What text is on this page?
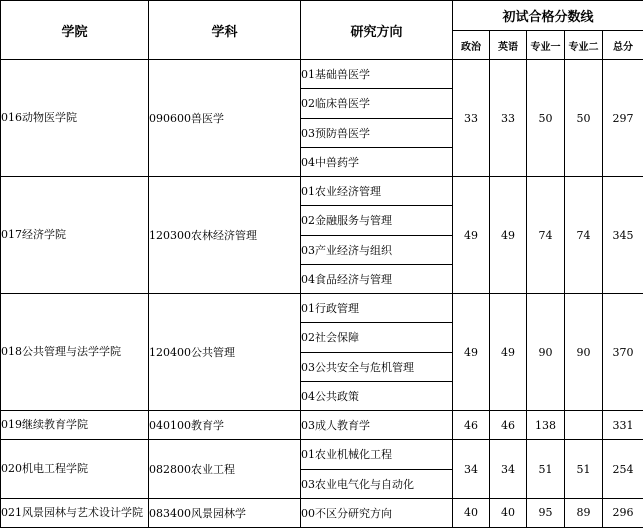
学院	学科	研究方向	初试合格分数线				
			政治	英语	专业一	专业二	总分
016动物医学院	090600兽医学	01基础兽医学	33	33	50	50	297
		02临床兽医学					
		03预防兽医学					
		04中兽药学					
017经济学院	120300农林经济管理	01农业经济管理	49	49	74	74	345
		02金融服务与管理					
		03产业经济与组织					
		04食品经济与管理					
018公共管理与法学学院	120400公共管理	01行政管理	49	49	90	90	370
		02社会保障					
		03公共安全与危机管理					
		04公共政策					
019继续教育学院	040100教育学	03成人教育学	46	46	138		331
020机电工程学院	082800农业工程	01农业机械化工程	34	34	51	51	254
		03农业电气化与自动化					
021风景园林与艺术设计学院	083400风景园林学	00不区分研究方向	40	40	95	89	296
